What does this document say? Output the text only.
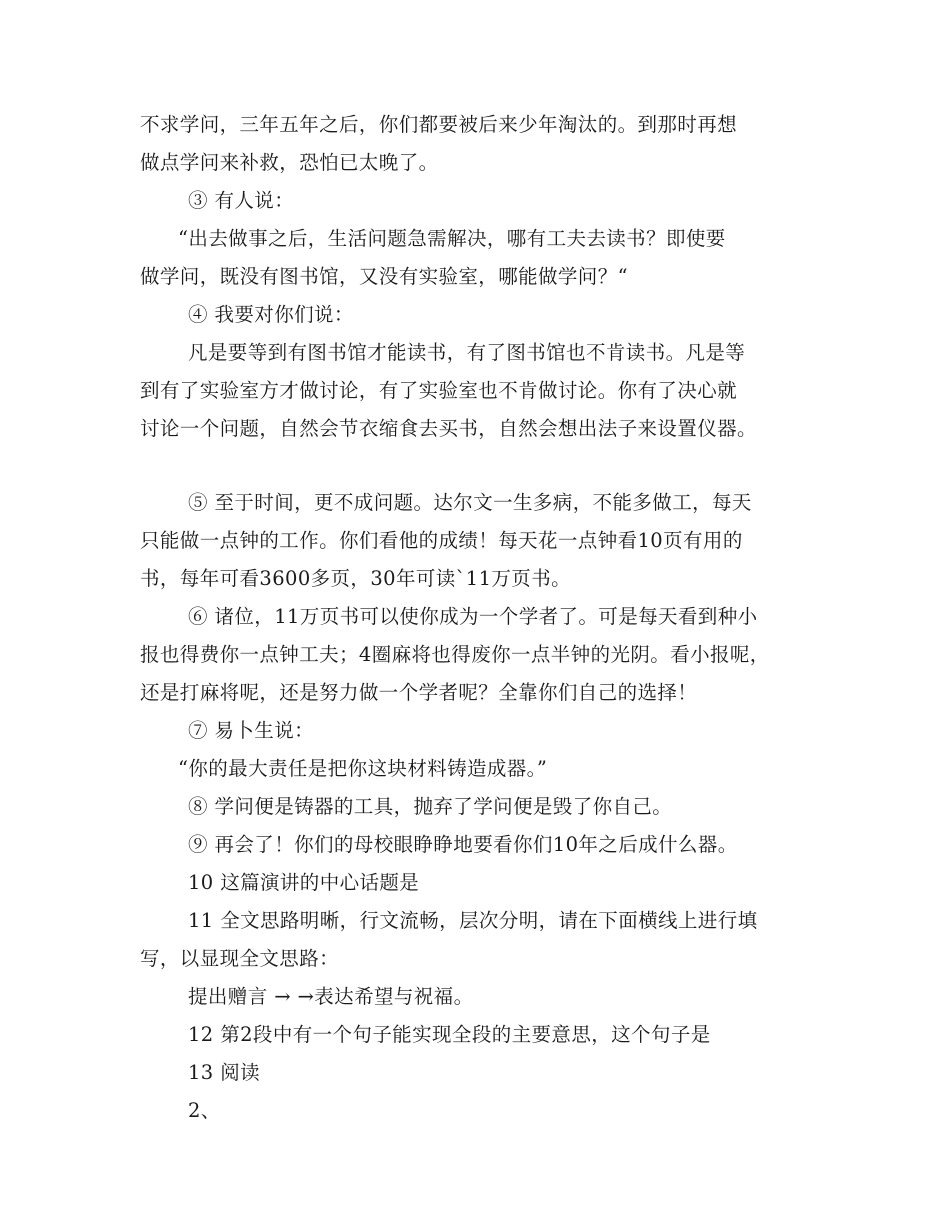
不求学问，三年五年之后，你们都要被后来少年淘汰的。到那时再想
做点学问来补救，恐怕已太晚了。
③ 有人说：
“出去做事之后，生活问题急需解决，哪有工夫去读书？即使要
做学问，既没有图书馆，又没有实验室，哪能做学问？“
④ 我要对你们说：
凡是要等到有图书馆才能读书，有了图书馆也不肯读书。凡是等
到有了实验室方才做讨论，有了实验室也不肯做讨论。你有了决心就
讨论一个问题，自然会节衣缩食去买书，自然会想出法子来设置仪器。
⑤ 至于时间，更不成问题。达尔文一生多病，不能多做工，每天
只能做一点钟的工作。你们看他的成绩！每天花一点钟看10页有用的
书，每年可看3600多页，30年可读`11万页书。
⑥ 诸位，11万页书可以使你成为一个学者了。可是每天看到种小
报也得费你一点钟工夫；4圈麻将也得废你一点半钟的光阴。看小报呢，
还是打麻将呢，还是努力做一个学者呢？全靠你们自己的选择！
⑦ 易卜生说：
“你的最大责任是把你这块材料铸造成器。”
⑧ 学问便是铸器的工具，抛弃了学问便是毁了你自己。
⑨ 再会了！你们的母校眼睁睁地要看你们10年之后成什么器。
10 这篇演讲的中心话题是
11 全文思路明晰，行文流畅，层次分明，请在下面横线上进行填
写，以显现全文思路：
提出赠言 → →表达希望与祝福。
12 第2段中有一个句子能实现全段的主要意思，这个句子是
13 阅读
2、
